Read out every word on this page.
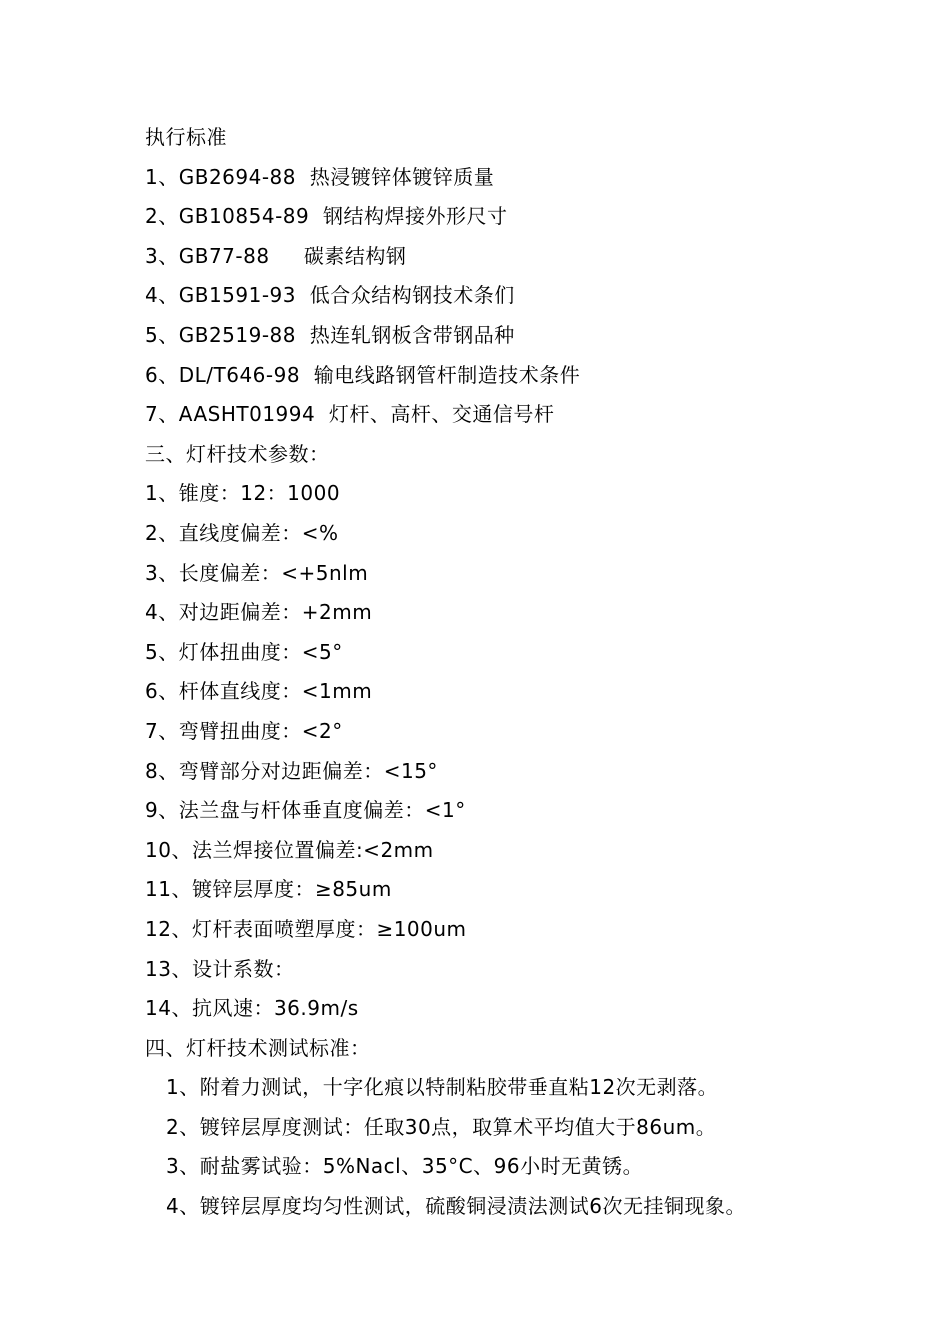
执行标准
1、GB2694-88  热浸镀锌体镀锌质量
2、GB10854-89  钢结构焊接外形尺寸
3、GB77-88     碳素结构钢
4、GB1591-93  低合众结构钢技术条们
5、GB2519-88  热连轧钢板含带钢品种
6、DL/T646-98  输电线路钢管杆制造技术条件
7、AASHT01994  灯杆、高杆、交通信号杆
三、灯杆技术参数：
1、锥度：12：1000
2、直线度偏差：<%
3、长度偏差：<+5nlm
4、对边距偏差：+2mm
5、灯体扭曲度：<5°
6、杆体直线度：<1mm
7、弯臂扭曲度：<2°
8、弯臂部分对边距偏差：<15°
9、法兰盘与杆体垂直度偏差：<1°
10、法兰焊接位置偏差:<2mm
11、镀锌层厚度：≥85um
12、灯杆表面喷塑厚度：≥100um
13、设计系数：
14、抗风速：36.9m/s
四、灯杆技术测试标准：
1、附着力测试，十字化痕以特制粘胶带垂直粘12次无剥落。
2、镀锌层厚度测试：任取30点，取算术平均值大于86um。
3、耐盐雾试验：5%Nacl、35°C、96小时无黄锈。
4、镀锌层厚度均匀性测试，硫酸铜浸渍法测试6次无挂铜现象。
